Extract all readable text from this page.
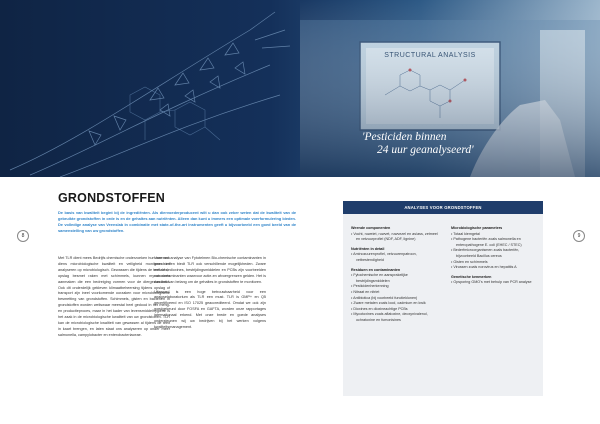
'Pesticiden binnen
24 uur geanalyseerd'
8	9
GRONDSTOFFEN
De basis van kwaliteit begint bij de ingrediënten. Als diervoederproducent wilt u dan ook zeker weten dat de kwaliteit van de gebruikte grondstoffen in orde is en de gehaltes aan nutriënten. Alleen dan kunt u immers een optimale voerformulering bieden. De volledige analyse van Veenslab in combinatie met state-of-the-art instrumenten geeft u bijvoorbeeld een goed beeld van de samenstelling van uw grondstoffen.

Met TLR dient mees Bedrijfs chemische onderzoeken hun mee ook diens microbiologische kwaliteit en veiligheid monitoren en analyseren op microbiologisch. Gewassen die tijdens de teelt of de opslag besmet raken met schimmels, kunnen mycotoxines aanmaken die een bedreiging vormen voor de diergezondheid. Ook dit onderdelijk gekleven klimaatbeheersing tijdens opslag of transport zijn ineel voorkomende oorzaken voor microbiologische besmetting van grondstoffen. Schimmels, gisten en bacteriën in grondstoffen worden weliswaar meestal heel gedood in het meng- en productieproces, maar in het kader van levensmiddelhygiëne is het zaak in de microbiologische kwaliteit van uw grondstoffen. TLR kan de microbiologische kwaliteit van gewassen al tijdens de teelt in kaart brengen, en laten staat ons analyseren op onder meer salmonella, campylobacter en enterobacteriaceae.

Voor een analyse van Fytotelmen Bio-chemische contaminanten in grondstoffen biedt TLR ook verschillende mogelijkheden. Zware metalen, dioxines, bestrijdingsmiddelen en PCBs zijn voorbeelden van contaminanten waarvoor actie-en afvoergrenzen gelden. Het is dan ook van belang om de gehaltes in grondstoffen te monitoren.

Uiteraard is een hoge betrouwbaarheid voor een analyselaboratorium als TLR een must. TLR is GMP+ en Q5 gecertificeerd en ISO 17025 geaccrediteerd. Omdat we ook zijn goedgekeurd door FOSFA en GAFTA, worden onze rapportages internationaal erkend. Met onze brede en goede analyses ondersteunen wij uw bedrijven bij het werken volgens kwaliteitsmanagement.

ANALYSES VOOR GRONDSTOFFEN
Weende componenten
• Vocht, ruweiet, ruwvet, ruwvezel en as/ass, zetmeel en vetzuurprofiel (NDF, ADF, lignine)
Nutriënten in detail
• Aminozuurenprofiel, vetzuurenpatroon, vetbestendigheid
Residuen en contaminanten
• Fytochemische en aansprakelijke bestrijdingsmiddelen
• Pesticidenherkenning
• Nitraat en nitriet
• Antibiotica (bij voorbeeld functieklonen)
• Zware metalen zoals lood, cadmium en kwik
• Dioxines en dioxineachtige PCBs
• Mycotoxines zoals aflatoxine, deoxynivalenol, ochratoxine en fumonisines
Microbiologische parameters
• Totaal kiemgetal
• Pathogene bacteriën zoals salmonella en enteropathogene E. coli (EHEC / STEC)
• Bederfmicroorganismen zoals bacteriën, bijvoorbeeld Bacillus cereus
• Gisten en schimmels
• Virussen zoals norovirus en hepatitis A
Genetische kenmerken
• Opsporing GMO's met behulp van PCR analyse
